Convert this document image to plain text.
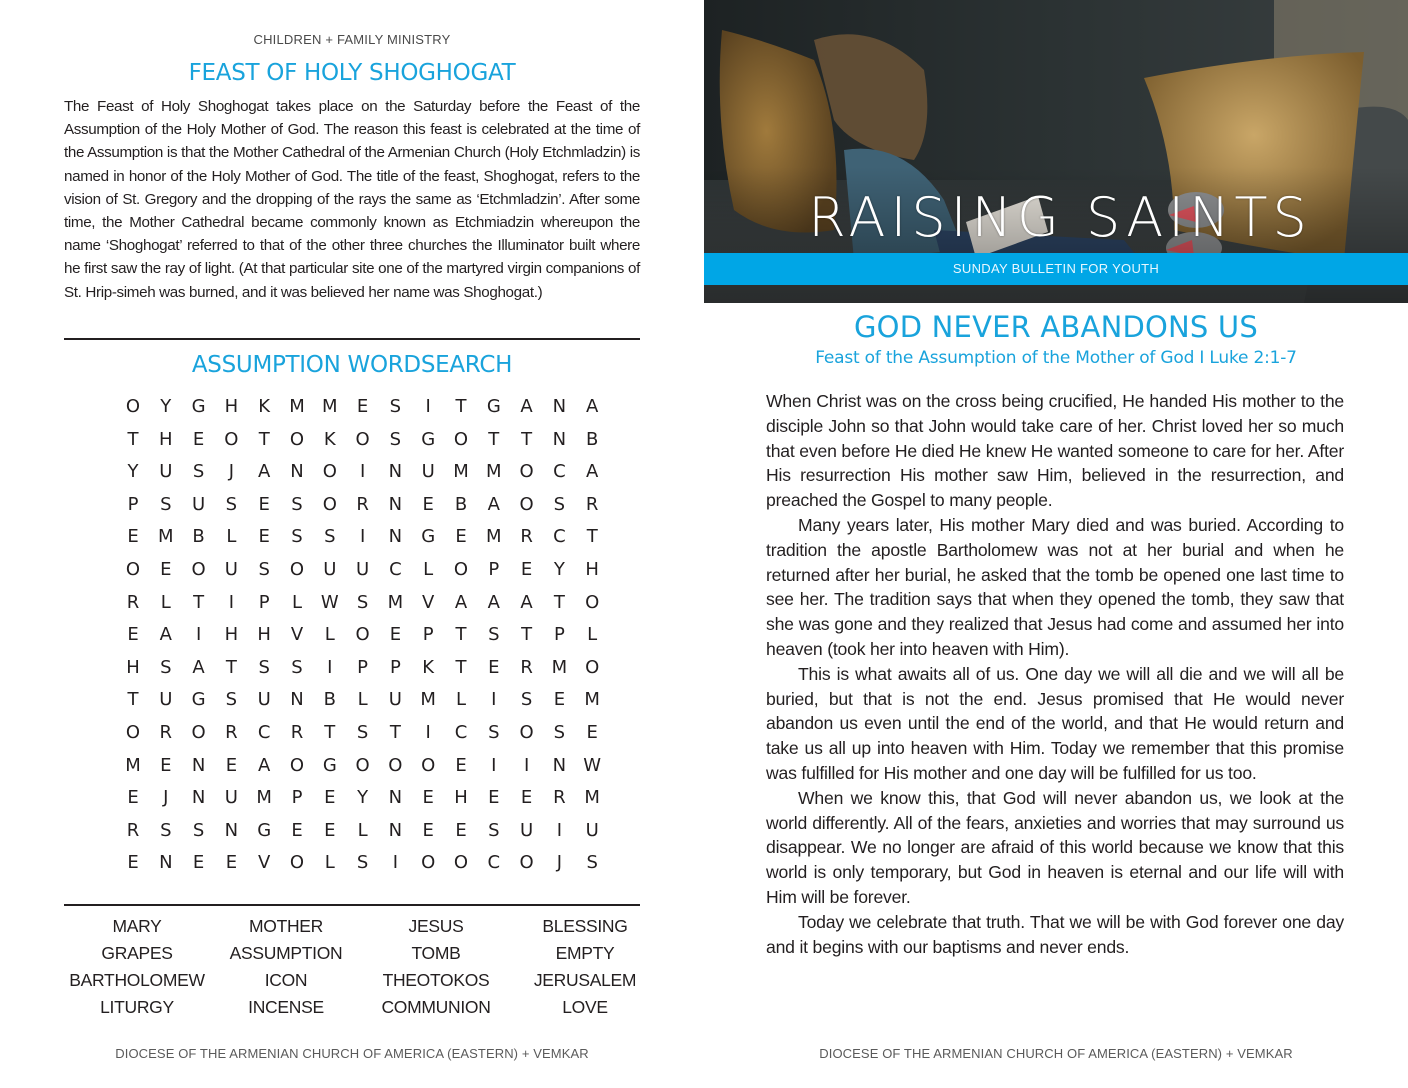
CHILDREN + FAMILY MINISTRY
FEAST OF HOLY SHOGHOGAT
The Feast of Holy Shoghogat takes place on the Saturday before the Feast of the Assumption of the Holy Mother of God. The reason this feast is celebrated at the time of the Assumption is that the Mother Cathedral of the Armenian Church (Holy Etchmladzin) is named in honor of the Holy Mother of God. The title of the feast, Shoghogat, refers to the vision of St. Gregory and the dropping of the rays the same as ‘Etchmladzin’. After some time, the Mother Cathedral became commonly known as Etchmiadzin whereupon the name ‘Shoghogat’ referred to that of the other three churches the Illuminator built where he first saw the ray of light. (At that particular site one of the martyred virgin companions of St. Hrip-simeh was burned, and it was believed her name was Shoghogat.)
ASSUMPTION WORDSEARCH
O	Y	G	H	K	M M	E	S	I	T	G	A	N	A
T	H	E	O	T	O	K	O	S	G	O	T	T	N	B
Y	U	S	J	A	N	O	I	N	U	M M O	C	A
P	S	U	S	E	S	O	R	N	E	B	A	O	S	R
E	M	B	L	E	S	S	I	N	G	E	M	R	C	T
O	E	O	U	S	O	U	U	C	L	O	P	E	Y	H
R	L	T	I	P	L	W	S	M	V	A	A	A	T	O
E	A	I	H	H	V	L	O	E	P	T	S	T	P	L
H	S	A	T	S	S	I	P	P	K	T	E	R	M O
T	U	G	S	U	N	B	L	U	M	L	I	S	E	M
O	R	O	R	C	R	T	S	T	I	C	S	O	S	E
M	E	N	E	A	O	G	O	O	O	E	I	I	N W
E	J	N	U	M	P	E	Y	N	E	H	E	E	R	M
R	S	S	N	G	E	E	L	N	E	E	S	U	I	U
E	N	E	E	V	O	L	S	I	O	O	C	O	J	S
MARY	MOTHER	JESUS	BLESSING
GRAPES	ASSUMPTION	TOMB	EMPTY
BARTHOLOMEW	ICON	THEOTOKOS	JERUSALEM
LITURGY	INCENSE	COMMUNION	LOVE
DIOCESE OF THE ARMENIAN CHURCH OF AMERICA (EASTERN) + VEMKAR
RAISING SAINTS
SUNDAY BULLETIN FOR YOUTH
GOD NEVER ABANDONS US
Feast of the Assumption of the Mother of God I Luke 2:1-7

When Christ was on the cross being crucified, He handed His mother to the disciple John so that John would take care of her. Christ loved her so much that even before He died He knew He wanted someone to care for her. After His resurrection His mother saw Him, believed in the resurrection, and preached the Gospel to many people.

Many years later, His mother Mary died and was buried. According to tradition the apostle Bartholomew was not at her burial and when he returned after her burial, he asked that the tomb be opened one last time to see her. The tradition says that when they opened the tomb, they saw that she was gone and they realized that Jesus had come and assumed her into heaven (took her into heaven with Him).

This is what awaits all of us. One day we will all die and we will all be buried, but that is not the end. Jesus promised that He would never abandon us even until the end of the world, and that He would return and take us all up into heaven with Him. Today we remember that this promise was fulfilled for His mother and one day will be fulfilled for us too.

When we know this, that God will never abandon us, we look at the world differently. All of the fears, anxieties and worries that may surround us disappear. We no longer are afraid of this world because we know that this world is only temporary, but God in heaven is eternal and our life will with Him will be forever.

Today we celebrate that truth. That we will be with God forever one day and it begins with our baptisms and never ends.

DIOCESE OF THE ARMENIAN CHURCH OF AMERICA (EASTERN) + VEMKAR
